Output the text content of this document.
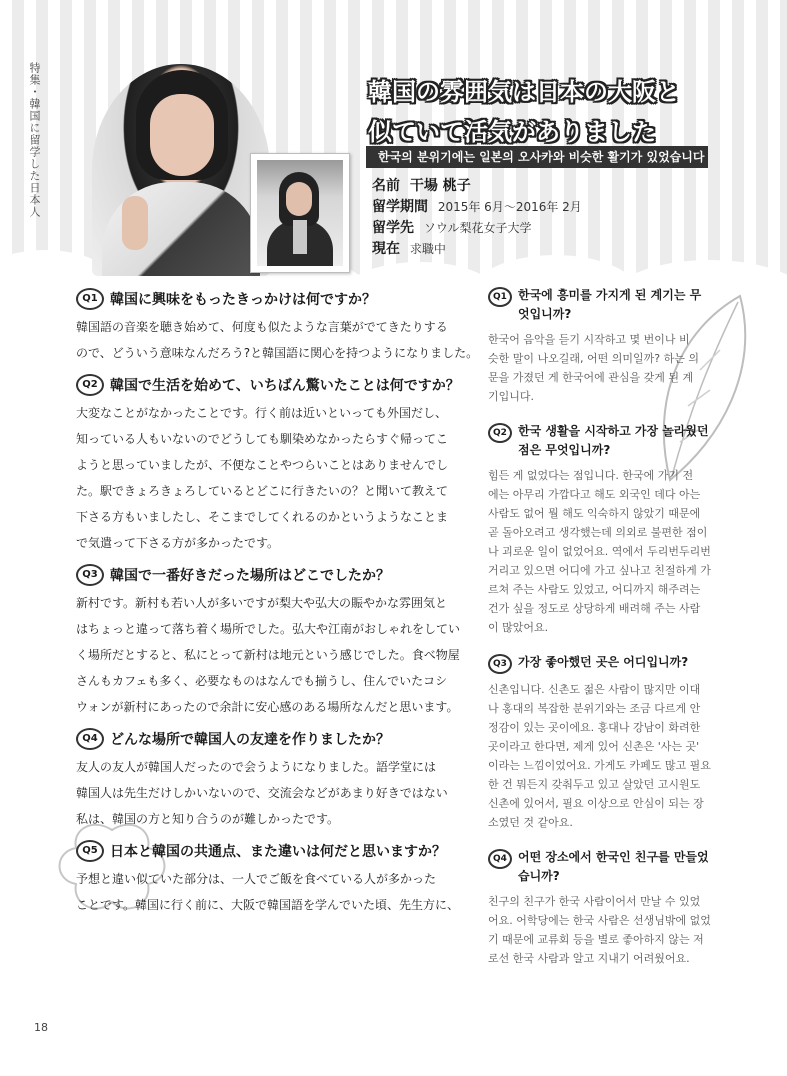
特集・韓国に留学した日本人	韓国の雰囲気は日本の大阪と
似ていて活気がありました
한국의 분위기에는 일본의 오사카와 비슷한 활기가 있었습니다
名前 干場 桃子
留学期間 2015年 6月～2016年 2月
留学先 ソウル梨花女子大学
現在 求職中
Q1 韓国に興味をもったきっかけは何ですか？
韓国語の音楽を聴き始めて、何度も似たような言葉がでてきたりする
ので、どういう意味なんだろう?と韓国語に関心を持つようになりました。
Q2 韓国で生活を始めて、いちばん驚いたことは何ですか？
大変なことがなかったことです。行く前は近いといっても外国だし、
知っている人もいないのでどうしても馴染めなかったらすぐ帰ってこ
ようと思っていましたが、不便なことやつらいことはありませんでし
た。駅できょろきょろしているとどこに行きたいの？と聞いて教えて
下さる方もいましたし、そこまでしてくれるのかというようなことま
で気遣って下さる方が多かったです。
Q3 韓国で一番好きだった場所はどこでしたか？
新村です。新村も若い人が多いですが梨大や弘大の賑やかな雰囲気と
はちょっと違って落ち着く場所でした。弘大や江南がおしゃれをしてい
く場所だとすると、私にとって新村は地元という感じでした。食べ物屋
さんもカフェも多く、必要なものはなんでも揃うし、住んでいたコシ
ウォンが新村にあったので余計に安心感のある場所なんだと思います。
Q4 どんな場所で韓国人の友達を作りましたか？
友人の友人が韓国人だったので会うようになりました。語学堂には
韓国人は先生だけしかいないので、交流会などがあまり好きではない
私は、韓国の方と知り合うのが難しかったです。
Q5 日本と韓国の共通点、また違いは何だと思いますか？
予想と違い似ていた部分は、一人でご飯を食べている人が多かった
ことです。韓国に行く前に、大阪で韓国語を学んでいた頃、先生方に、
Q1 한국에 흥미를 가지게 된 계기는 무
엇입니까?
한국어 음악을 듣기 시작하고 몇 번이나 비
슷한 말이 나오길래, 어떤 의미일까? 하는 의
문을 가졌던 게 한국어에 관심을 갖게 된 계
기입니다.
Q2 한국 생활을 시작하고 가장 놀라웠던
점은 무엇입니까?
힘든 게 없었다는 점입니다. 한국에 가기 전
에는 아무리 가깝다고 해도 외국인 데다 아는
사람도 없어 뭘 해도 익숙하지 않았기 때문에
곧 돌아오려고 생각했는데 의외로 불편한 점이
나 괴로운 일이 없었어요. 역에서 두리번두리번
거리고 있으면 어디에 가고 싶나고 친절하게 가
르쳐 주는 사람도 있었고, 어디까지 해주려는
건가 싶을 정도로 상당하게 배려해 주는 사람
이 많았어요.
Q3 가장 좋아했던 곳은 어디입니까?
신촌입니다. 신촌도 젊은 사람이 많지만 이대
나 홍대의 복잡한 분위기와는 조금 다르게 안
정감이 있는 곳이에요. 홍대나 강남이 화려한
곳이라고 한다면, 제게 있어 신촌은 '사는 곳'
이라는 느낌이었어요. 가게도 카페도 많고 필요
한 건 뭐든지 갖춰두고 있고 살았던 고시원도
신촌에 있어서, 필요 이상으로 안심이 되는 장
소였던 것 같아요.
Q4 어떤 장소에서 한국인 친구를 만들었
습니까?
친구의 친구가 한국 사람이어서 만날 수 있었
어요. 어학당에는 한국 사람은 선생님밖에 없었
기 때문에 교류회 등을 별로 좋아하지 않는 저
로선 한국 사람과 알고 지내기 어려웠어요.
18
